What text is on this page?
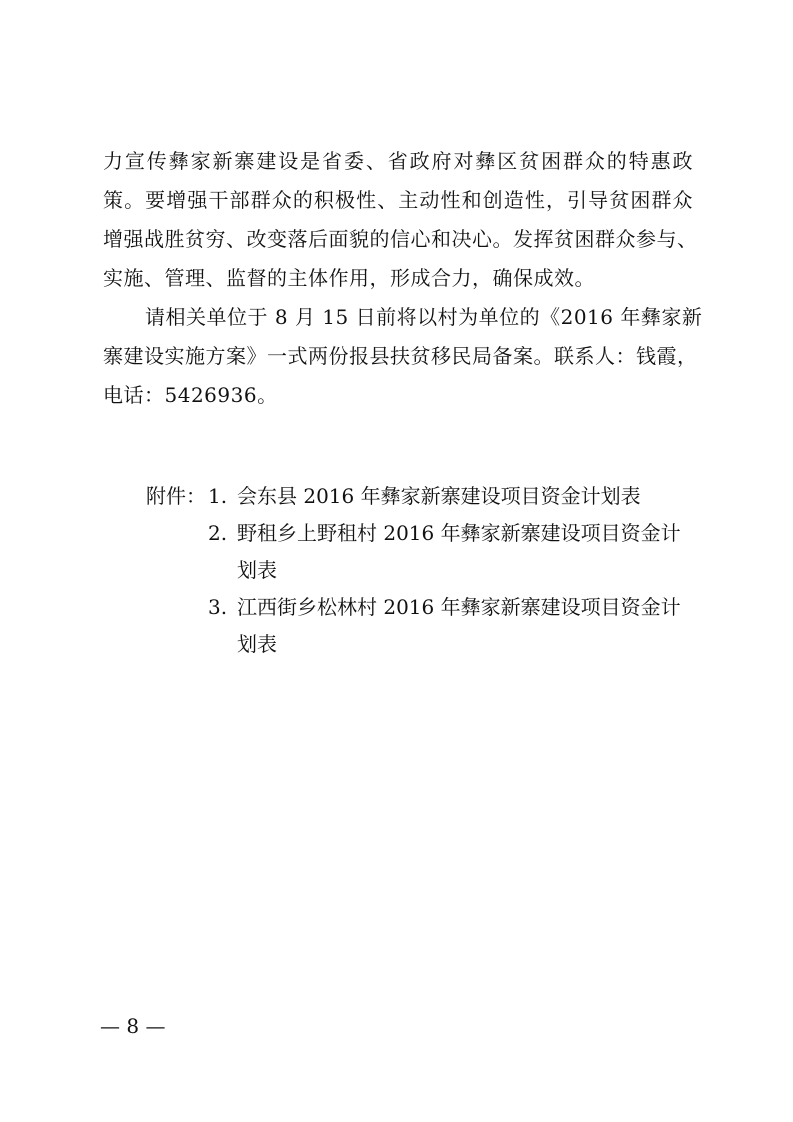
力宣传彝家新寨建设是省委、省政府对彝区贫困群众的特惠政
策。要增强干部群众的积极性、主动性和创造性，引导贫困群众
增强战胜贫穷、改变落后面貌的信心和决心。发挥贫困群众参与、
实施、管理、监督的主体作用，形成合力，确保成效。
请相关单位于 8 月 15 日前将以村为单位的《2016 年彝家新
寨建设实施方案》一式两份报县扶贫移民局备案。联系人：钱霞，
电话：5426936。
附件： 1. 会东县 2016 年彝家新寨建设项目资金计划表
2. 野租乡上野租村 2016 年彝家新寨建设项目资金计
划表
3. 江西街乡松林村 2016 年彝家新寨建设项目资金计
划表
— 8 —
